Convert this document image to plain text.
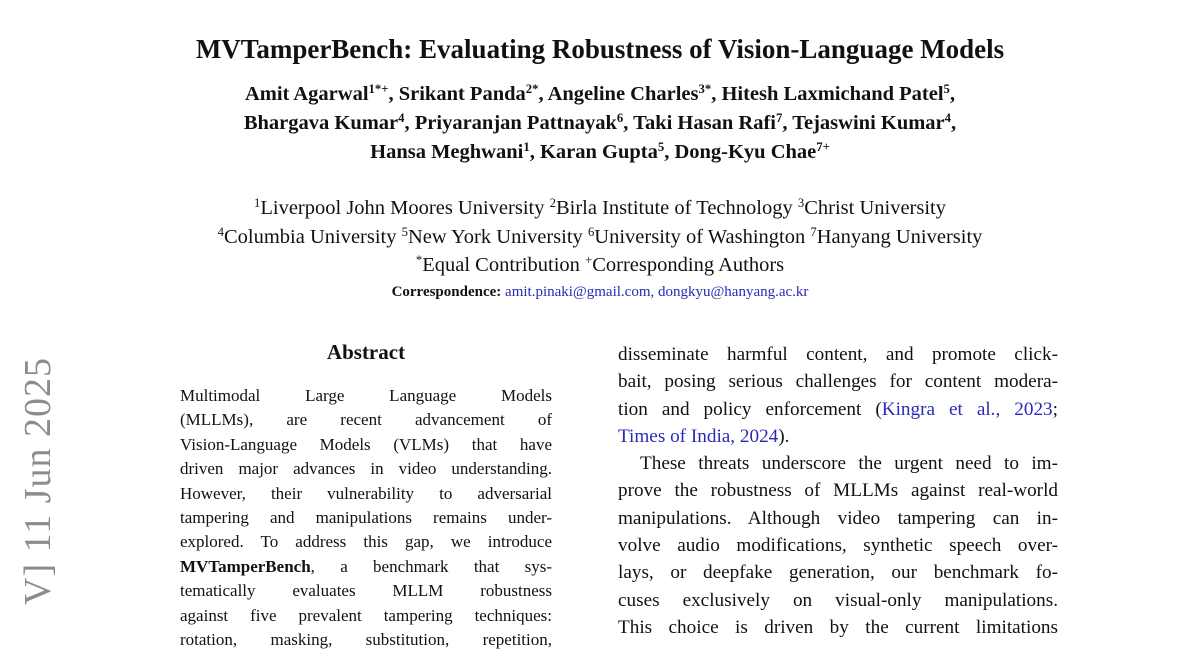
V] 11 Jun 2025
MVTamperBench: Evaluating Robustness of Vision-Language Models
Amit Agarwal$^{1*+}$, Srikant Panda$^{2*}$, Angeline Charles$^{3*}$, Hitesh Laxmichand Patel$^5$,
Bhargava Kumar$^4$, Priyaranjan Pattnayak$^6$, Taki Hasan Rafi$^7$, Tejaswini Kumar$^4$,
Hansa Meghwani$^1$, Karan Gupta$^5$, Dong-Kyu Chae$^{7+}$
$^1$Liverpool John Moores University $^2$Birla Institute of Technology $^3$Christ University
$^4$Columbia University $^5$New York University $^6$University of Washington $^7$Hanyang University
*Equal Contribution +Corresponding Authors
Correspondence: amit.pinaki@gmail.com, dongkyu@hanyang.ac.kr
Abstract
Multimodal Large Language Models
(MLLMs), are recent advancement of
Vision-Language Models (VLMs) that have
driven major advances in video understanding.
However, their vulnerability to adversarial
tampering and manipulations remains under-
explored. To address this gap, we introduce
MVTamperBench, a benchmark that sys-
tematically evaluates MLLM robustness
against five prevalent tampering techniques:
rotation, masking, substitution, repetition,
disseminate harmful content, and promote click-
bait, posing serious challenges for content modera-
tion and policy enforcement (Kingra et al., 2023;
Times of India, 2024).
These threats underscore the urgent need to im-
prove the robustness of MLLMs against real-world
manipulations. Although video tampering can in-
volve audio modifications, synthetic speech over-
lays, or deepfake generation, our benchmark fo-
cuses exclusively on visual-only manipulations.
This choice is driven by the current limitations
